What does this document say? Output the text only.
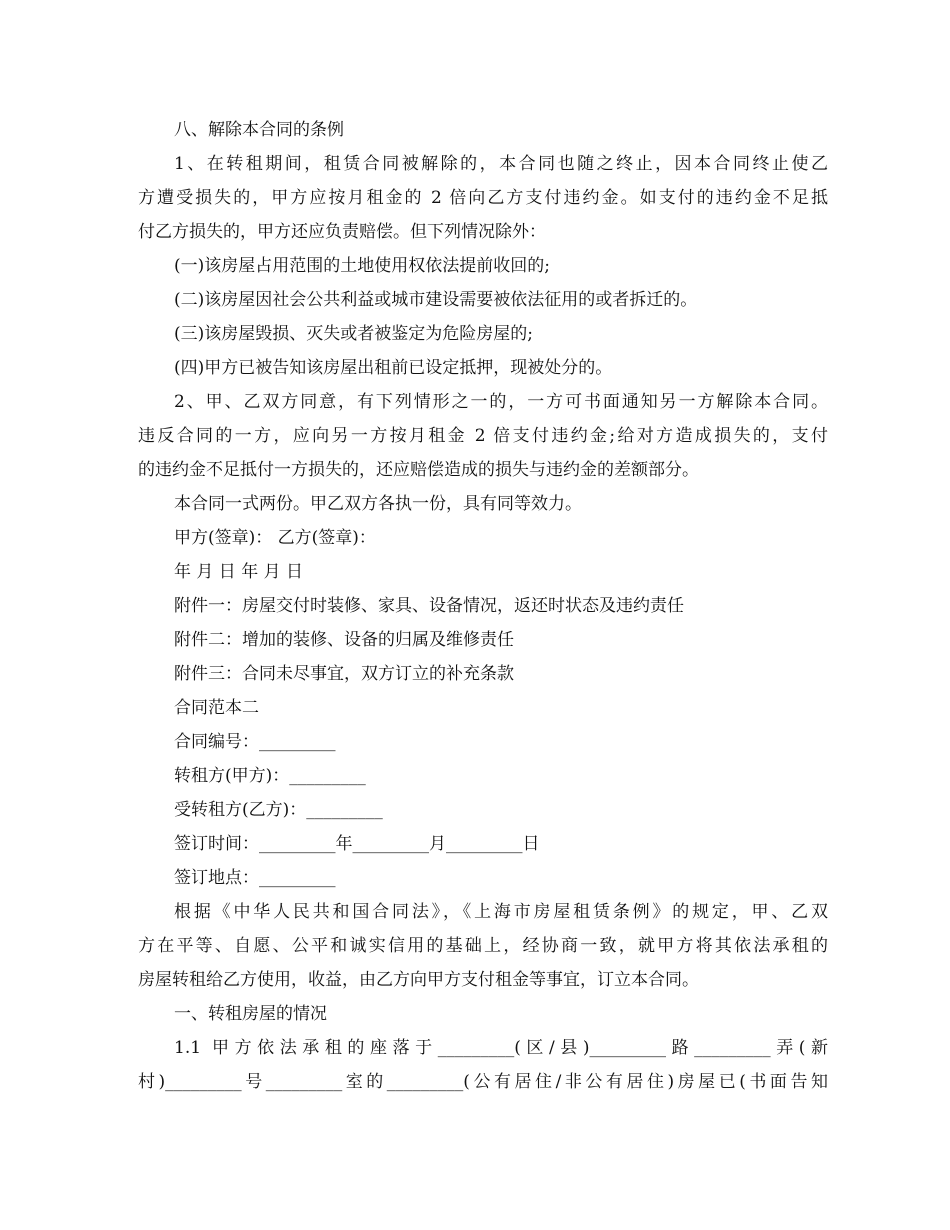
八、解除本合同的条例
1、在转租期间，租赁合同被解除的，本合同也随之终止，因本合同终止使乙
方遭受损失的，甲方应按月租金的 2 倍向乙方支付违约金。如支付的违约金不足抵
付乙方损失的，甲方还应负责赔偿。但下列情况除外：
(一)该房屋占用范围的土地使用权依法提前收回的;
(二)该房屋因社会公共利益或城市建设需要被依法征用的或者拆迁的。
(三)该房屋毁损、灭失或者被鉴定为危险房屋的;
(四)甲方已被告知该房屋出租前已设定抵押，现被处分的。
2、甲、乙双方同意，有下列情形之一的，一方可书面通知另一方解除本合同。
违反合同的一方，应向另一方按月租金 2 倍支付违约金;给对方造成损失的，支付
的违约金不足抵付一方损失的，还应赔偿造成的损失与违约金的差额部分。
本合同一式两份。甲乙双方各执一份，具有同等效力。
甲方(签章)： 乙方(签章)：
年 月 日 年 月 日
附件一：房屋交付时装修、家具、设备情况，返还时状态及违约责任
附件二：增加的装修、设备的归属及维修责任
附件三：合同未尽事宜，双方订立的补充条款
合同范本二
合同编号：_________
转租方(甲方)：_________
受转租方(乙方)：_________
签订时间：_________年_________月_________日
签订地点：_________
根据《中华人民共和国合同法》，《上海市房屋租赁条例》的规定，甲、乙双
方在平等、自愿、公平和诚实信用的基础上，经协商一致，就甲方将其依法承租的
房屋转租给乙方使用，收益，由乙方向甲方支付租金等事宜，订立本合同。
一、转租房屋的情况
1.1 甲方依法承租的座落于_________(区/县)_________路_________弄(新
村)_________号_________室的_________(公有居住/非公有居住)房屋已(书面告知
